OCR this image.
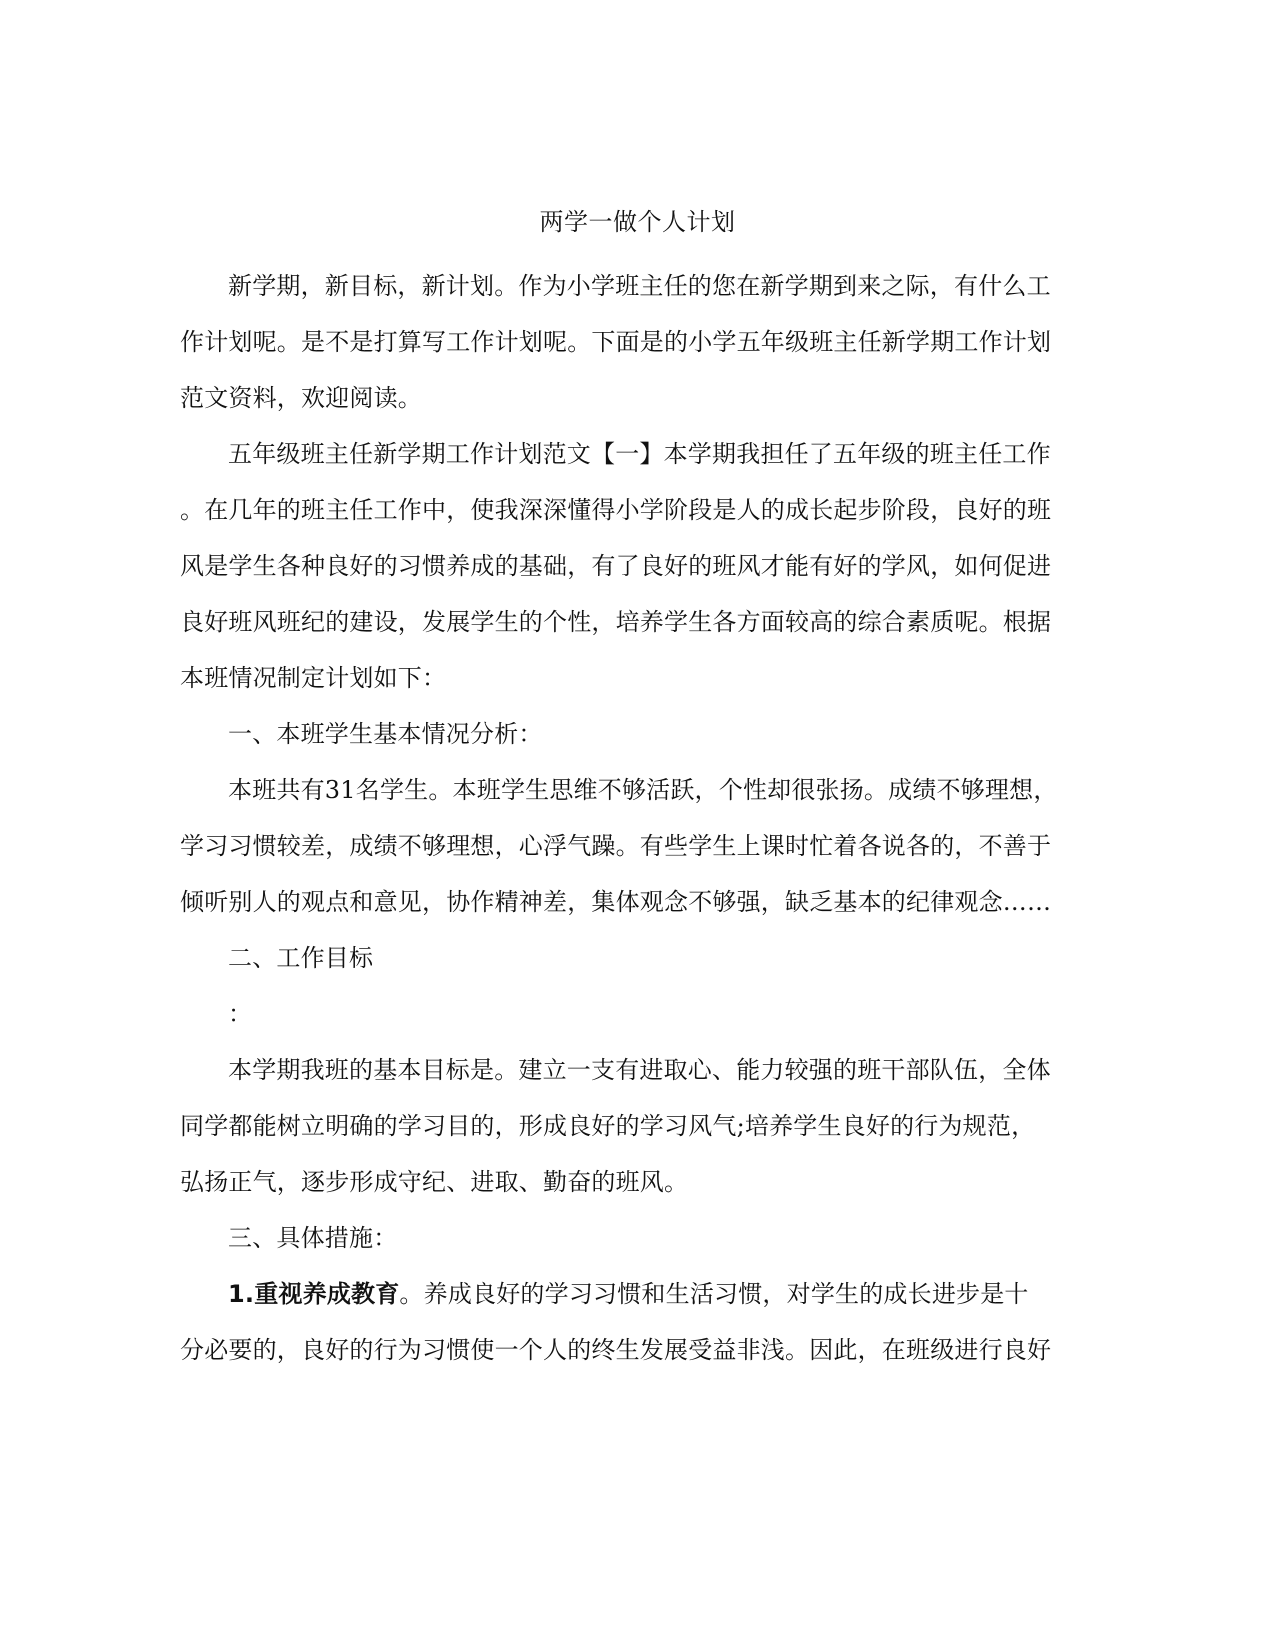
两学一做个人计划
新学期，新目标，新计划。作为小学班主任的您在新学期到来之际，有什么工
作计划呢。是不是打算写工作计划呢。下面是的小学五年级班主任新学期工作计划
范文资料，欢迎阅读。
五年级班主任新学期工作计划范文【一】本学期我担任了五年级的班主任工作
。在几年的班主任工作中，使我深深懂得小学阶段是人的成长起步阶段，良好的班
风是学生各种良好的习惯养成的基础，有了良好的班风才能有好的学风，如何促进
良好班风班纪的建设，发展学生的个性，培养学生各方面较高的综合素质呢。根据
本班情况制定计划如下：
一、本班学生基本情况分析：
本班共有31名学生。本班学生思维不够活跃，个性却很张扬。成绩不够理想，
学习习惯较差，成绩不够理想，心浮气躁。有些学生上课时忙着各说各的，不善于
倾听别人的观点和意见，协作精神差，集体观念不够强，缺乏基本的纪律观念……
二、工作目标
：
本学期我班的基本目标是。建立一支有进取心、能力较强的班干部队伍，全体
同学都能树立明确的学习目的，形成良好的学习风气;培养学生良好的行为规范，
弘扬正气，逐步形成守纪、进取、勤奋的班风。
三、具体措施：
1.重视养成教育。养成良好的学习习惯和生活习惯，对学生的成长进步是十
分必要的，良好的行为习惯使一个人的终生发展受益非浅。因此，在班级进行良好
